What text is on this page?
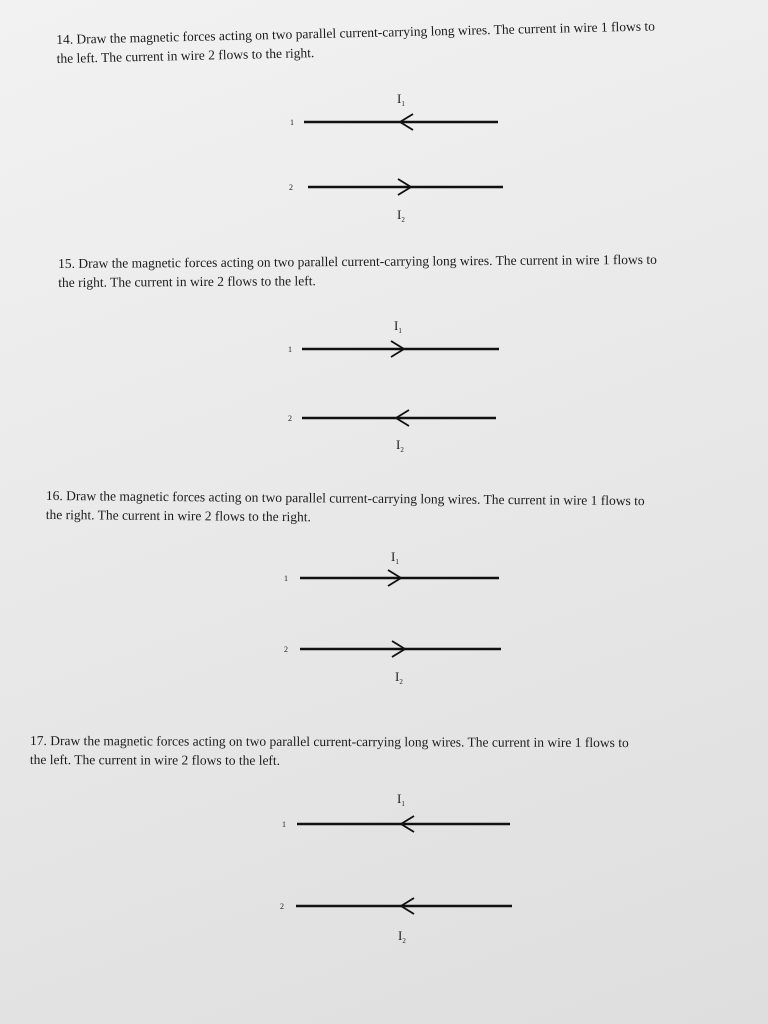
14. Draw the magnetic forces acting on two parallel current-carrying long wires. The current in wire 1 flows to
the left. The current in wire 2 flows to the right.

$I_1$
1
2
$I_2$

15. Draw the magnetic forces acting on two parallel current-carrying long wires. The current in wire 1 flows to
the right. The current in wire 2 flows to the left.

$I_1$
1
2
$I_2$

16. Draw the magnetic forces acting on two parallel current-carrying long wires. The current in wire 1 flows to
the right. The current in wire 2 flows to the right.

$I_1$
1
2
$I_2$

17. Draw the magnetic forces acting on two parallel current-carrying long wires. The current in wire 1 flows to
the left. The current in wire 2 flows to the left.

$I_1$
1
2
$I_2$
